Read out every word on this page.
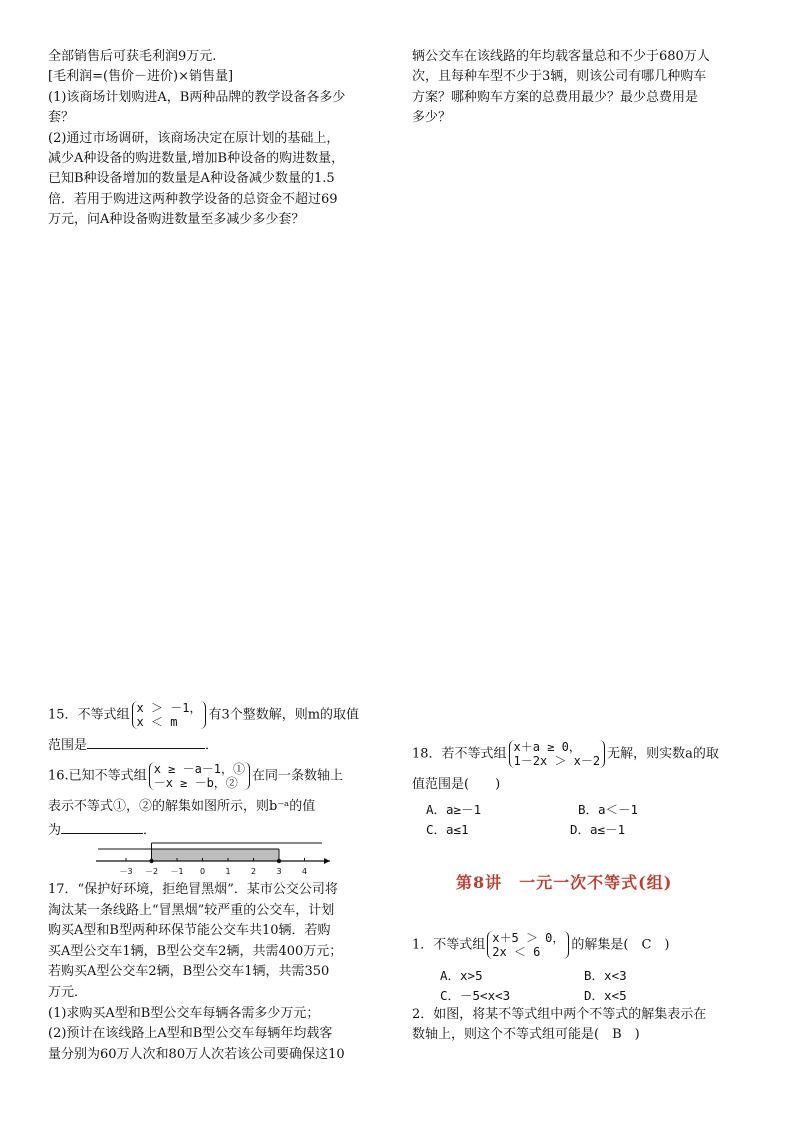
全部销售后可获毛利润9万元.

[毛利润=(售价－进价)×销售量]

(1)该商场计划购进A，B两种品牌的教学设备各多少

套？

(2)通过市场调研，该商场决定在原计划的基础上，

减少A种设备的购进数量,增加B种设备的购进数量，

已知B种设备增加的数量是A种设备减少数量的1.5

倍．若用于购进这两种教学设备的总资金不超过69

万元，问A种设备购进数量至多减少多少套？

辆公交车在该线路的年均载客量总和不少于680万人

次，且每种车型不少于3辆，则该公司有哪几种购车

方案？哪种购车方案的总费用最少？最少总费用是

多少？

15．不等式组 x ＞ －1，
x ＜ m	有3个整数解，则m的取值
范围是	．
16.已知不等式组 x ≥ －a－1，①
－x ≥ －b，②	在同一条数轴上
表示不等式①，②的解集如图所示，则b⁻ᵃ的值
为	．
－3 －2 －1 0	1	2	3	4

17．“保护好环境，拒绝冒黑烟”．某市公交公司将

淘汰某一条线路上“冒黑烟”较严重的公交车，计划

购买A型和B型两种环保节能公交车共10辆．若购

买A型公交车1辆，B型公交车2辆，共需400万元；

若购买A型公交车2辆，B型公交车1辆，共需350

万元．

(1)求购买A型和B型公交车每辆各需多少万元；

(2)预计在该线路上A型和B型公交车每辆年均载客

量分别为60万人次和80万人次若该公司要确保这10

18．若不等式组 x＋a ≥ 0，
1－2x ＞ x－2 无解，则实数a的取
值范围是(　　)
A．a≥－1	B．a＜－1
C．a≤1	D．a≤－1
第8讲　一元一次不等式(组)
1．不等式组 x＋5 ＞ 0，
2x ＜ 6	的解集是(　C　)
A．x>5	B．x<3
C．－5<x<3	D．x<5

2．如图，将某不等式组中两个不等式的解集表示在

数轴上，则这个不等式组可能是(　B　)
